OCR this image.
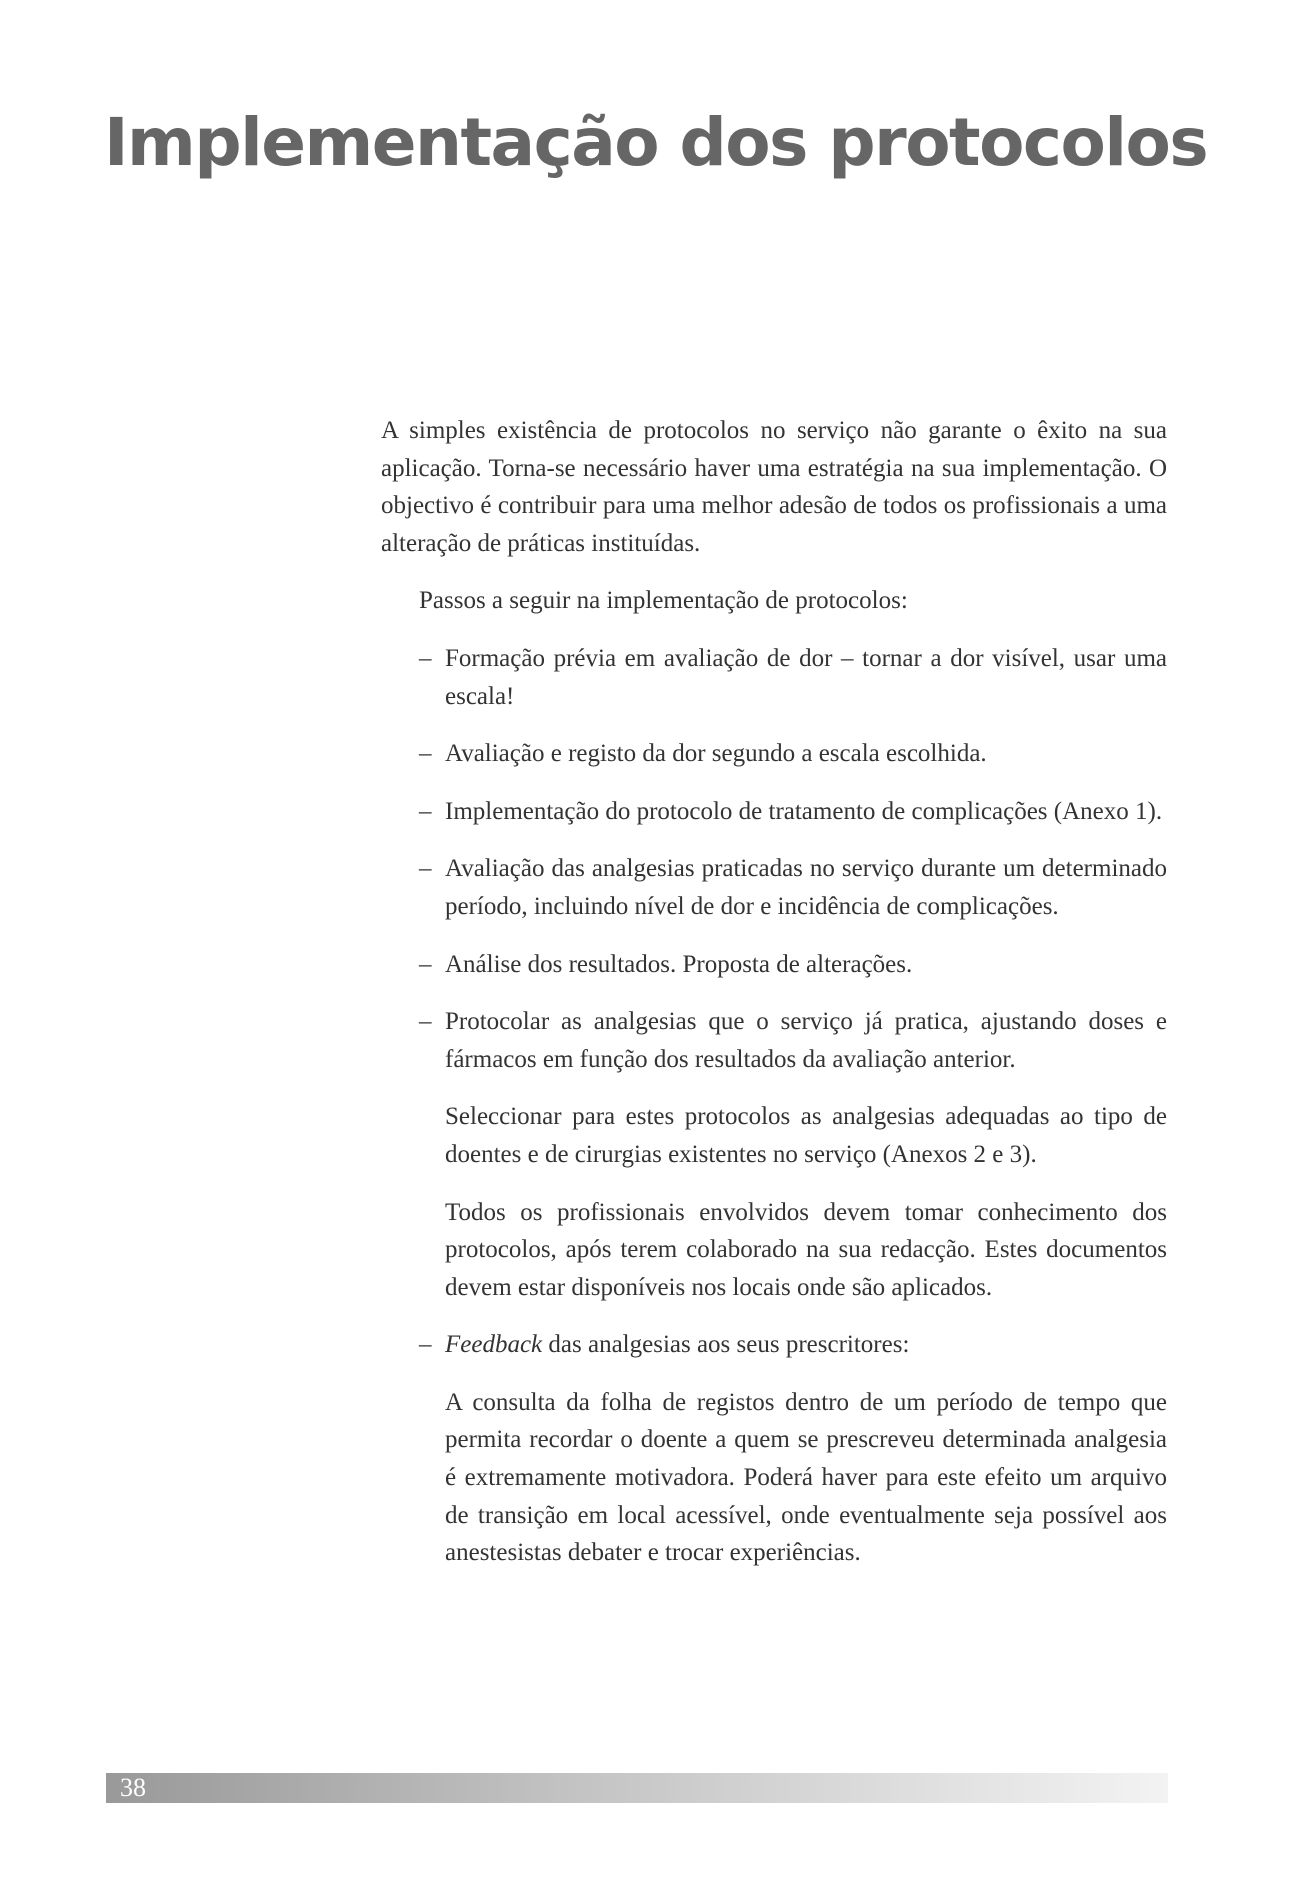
Implementação dos protocolos

A simples existência de protocolos no serviço não garante o êxito na sua aplicação. Torna-se necessário haver uma estratégia na sua implementação. O objectivo é contribuir para uma melhor adesão de todos os profissionais a uma alteração de práticas instituídas.

Passos a seguir na implementação de protocolos:

– Formação prévia em avaliação de dor – tornar a dor visível, usar uma escala!
– Avaliação e registo da dor segundo a escala escolhida.
– Implementação do protocolo de tratamento de complicações (Anexo 1).
– Avaliação das analgesias praticadas no serviço durante um determinado período, incluindo nível de dor e incidência de complicações.
– Análise dos resultados. Proposta de alterações.
– Protocolar as analgesias que o serviço já pratica, ajustando doses e fármacos em função dos resultados da avaliação anterior.

Seleccionar para estes protocolos as analgesias adequadas ao tipo de doentes e de cirurgias existentes no serviço (Anexos 2 e 3).

Todos os profissionais envolvidos devem tomar conhecimento dos protocolos, após terem colaborado na sua redacção. Estes documentos devem estar disponíveis nos locais onde são aplicados.

– Feedback das analgesias aos seus prescritores:

A consulta da folha de registos dentro de um período de tempo que permita recordar o doente a quem se prescreveu determinada analgesia é extremamente motivadora. Poderá haver para este efeito um arquivo de transição em local acessível, onde eventualmente seja possível aos anestesistas debater e trocar experiências.

38
